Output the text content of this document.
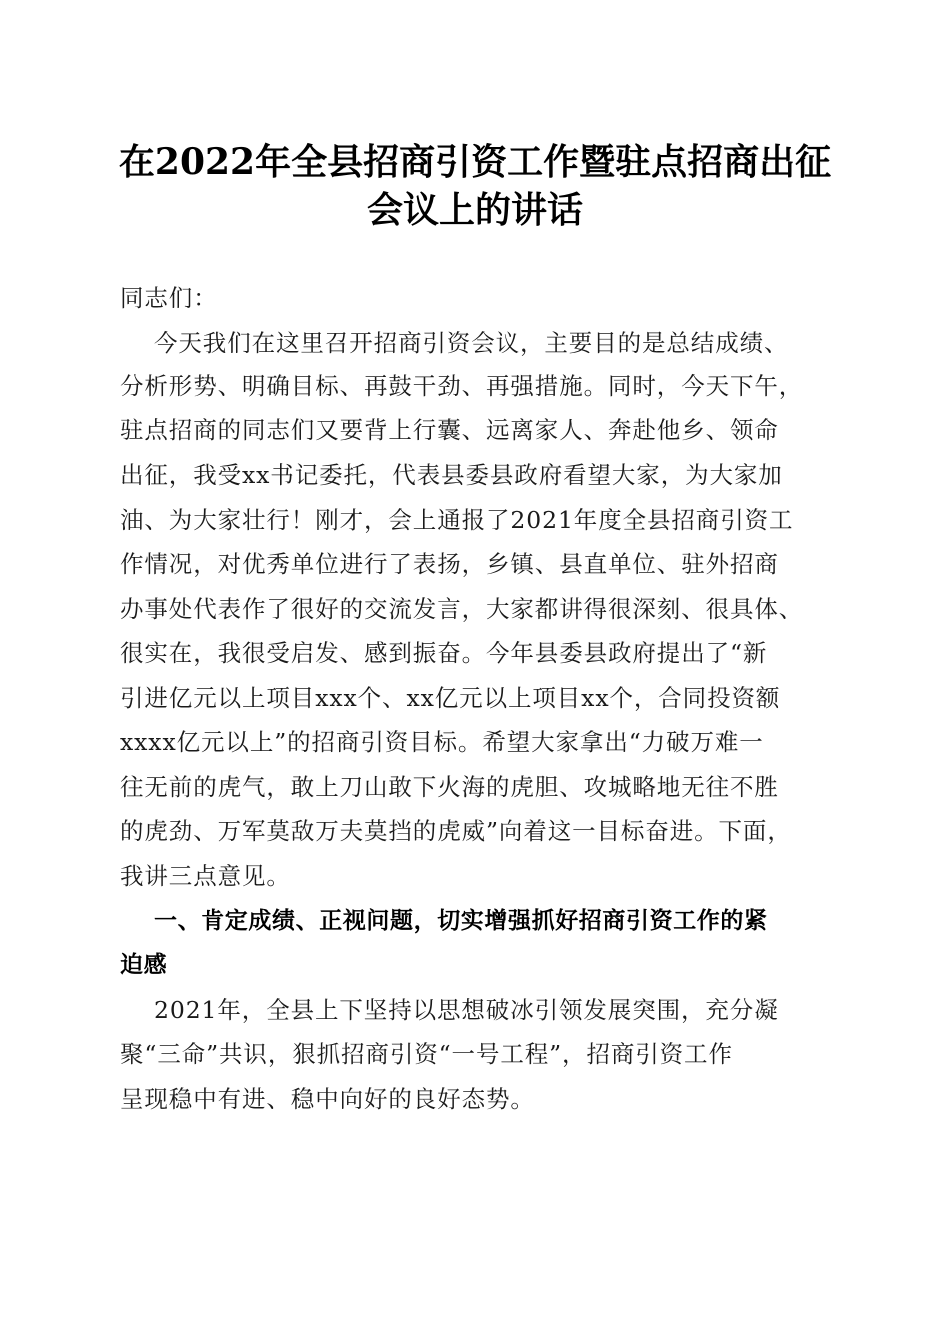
在2022年全县招商引资工作暨驻点招商出征
会议上的讲话
同志们：
今天我们在这里召开招商引资会议，主要目的是总结成绩、
分析形势、明确目标、再鼓干劲、再强措施。同时，今天下午，
驻点招商的同志们又要背上行囊、远离家人、奔赴他乡、领命
出征，我受xx书记委托，代表县委县政府看望大家，为大家加
油、为大家壮行！刚才，会上通报了2021年度全县招商引资工
作情况，对优秀单位进行了表扬，乡镇、县直单位、驻外招商
办事处代表作了很好的交流发言，大家都讲得很深刻、很具体、
很实在，我很受启发、感到振奋。今年县委县政府提出了“新
引进亿元以上项目xxx个、xx亿元以上项目xx个，合同投资额
xxxx亿元以上”的招商引资目标。希望大家拿出“力破万难一
往无前的虎气，敢上刀山敢下火海的虎胆、攻城略地无往不胜
的虎劲、万军莫敌万夫莫挡的虎威”向着这一目标奋进。下面，
我讲三点意见。
一、肯定成绩、正视问题，切实增强抓好招商引资工作的紧
迫感
2021年，全县上下坚持以思想破冰引领发展突围，充分凝
聚“三命”共识，狠抓招商引资“一号工程”，招商引资工作
呈现稳中有进、稳中向好的良好态势。
